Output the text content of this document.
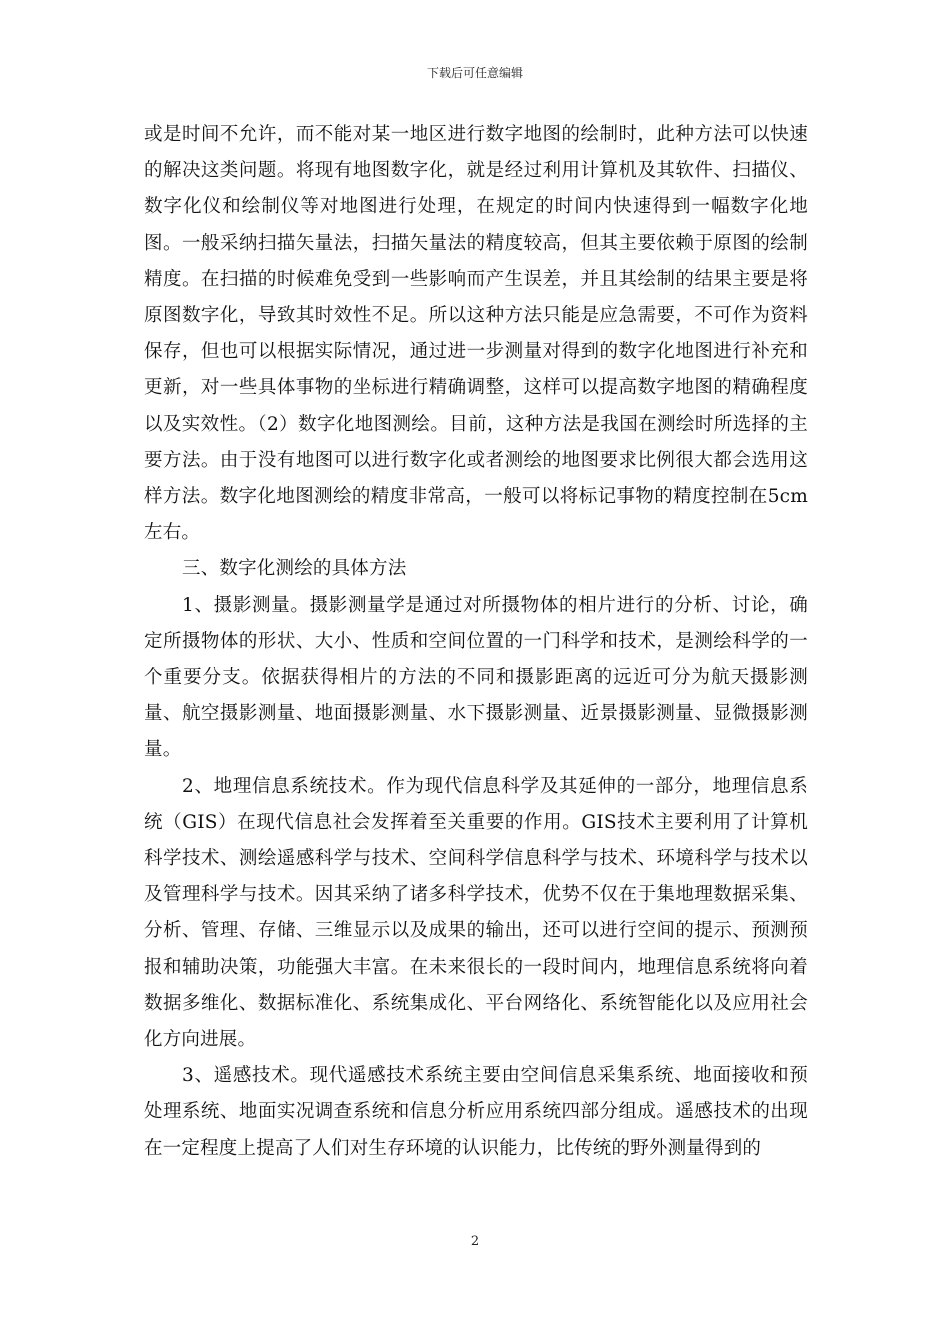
下载后可任意编辑

或是时间不允许，而不能对某一地区进行数字地图的绘制时，此种方法可以快速的解决这类问题。将现有地图数字化，就是经过利用计算机及其软件、扫描仪、数字化仪和绘制仪等对地图进行处理，在规定的时间内快速得到一幅数字化地图。一般采纳扫描矢量法，扫描矢量法的精度较高，但其主要依赖于原图的绘制精度。在扫描的时候难免受到一些影响而产生误差，并且其绘制的结果主要是将原图数字化，导致其时效性不足。所以这种方法只能是应急需要，不可作为资料保存，但也可以根据实际情况，通过进一步测量对得到的数字化地图进行补充和更新，对一些具体事物的坐标进行精确调整，这样可以提高数字地图的精确程度以及实效性。（2）数字化地图测绘。目前，这种方法是我国在测绘时所选择的主要方法。由于没有地图可以进行数字化或者测绘的地图要求比例很大都会选用这样方法。数字化地图测绘的精度非常高，一般可以将标记事物的精度控制在5cm左右。

三、数字化测绘的具体方法

1、摄影测量。摄影测量学是通过对所摄物体的相片进行的分析、讨论，确定所摄物体的形状、大小、性质和空间位置的一门科学和技术，是测绘科学的一个重要分支。依据获得相片的方法的不同和摄影距离的远近可分为航天摄影测量、航空摄影测量、地面摄影测量、水下摄影测量、近景摄影测量、显微摄影测量。

2、地理信息系统技术。作为现代信息科学及其延伸的一部分，地理信息系统（GIS）在现代信息社会发挥着至关重要的作用。GIS技术主要利用了计算机科学技术、测绘遥感科学与技术、空间科学信息科学与技术、环境科学与技术以及管理科学与技术。因其采纳了诸多科学技术，优势不仅在于集地理数据采集、分析、管理、存储、三维显示以及成果的输出，还可以进行空间的提示、预测预报和辅助决策，功能强大丰富。在未来很长的一段时间内，地理信息系统将向着数据多维化、数据标准化、系统集成化、平台网络化、系统智能化以及应用社会化方向进展。

3、遥感技术。现代遥感技术系统主要由空间信息采集系统、地面接收和预处理系统、地面实况调查系统和信息分析应用系统四部分组成。遥感技术的出现在一定程度上提高了人们对生存环境的认识能力，比传统的野外测量得到的

2
